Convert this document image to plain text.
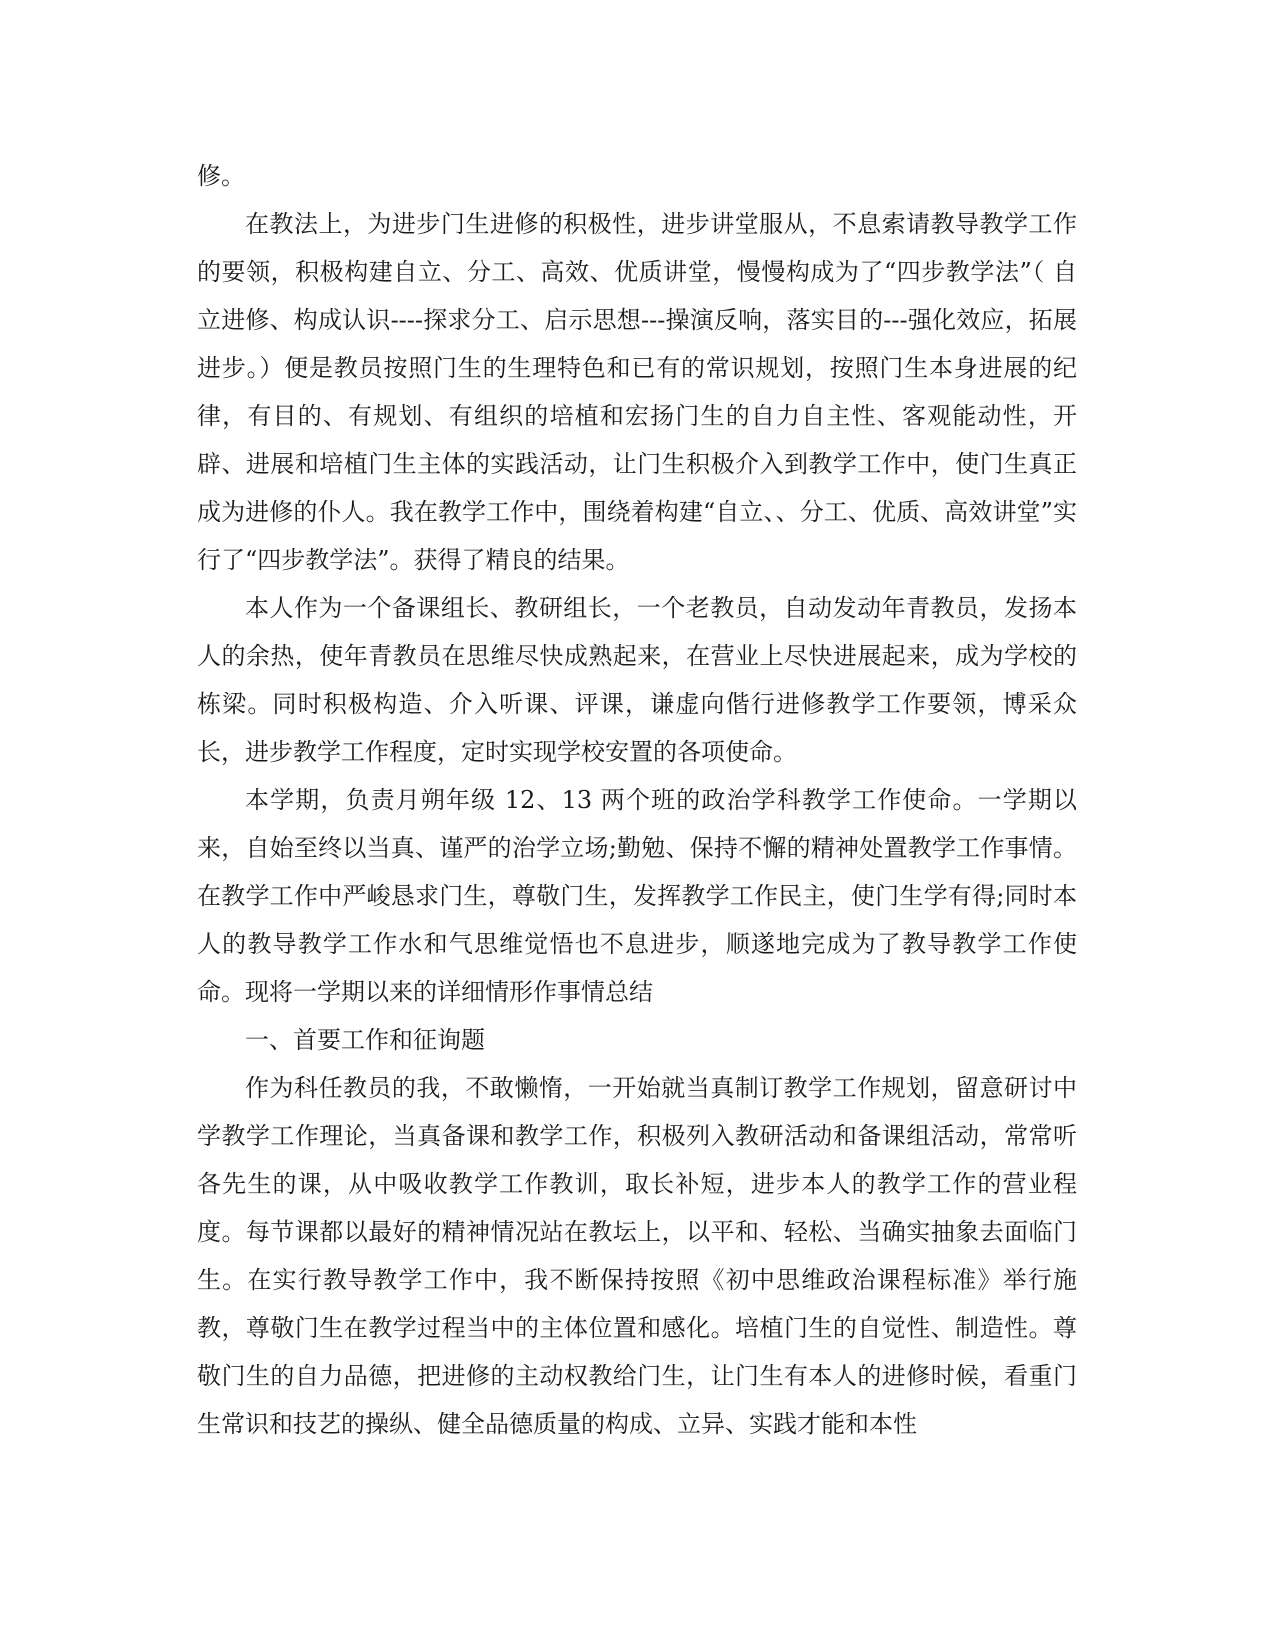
修。

在教法上，为进步门生进修的积极性，进步讲堂服从，不息索请教导教学工作的要领，积极构建自立、分工、高效、优质讲堂，慢慢构成为了“四步教学法”（ 自立进修、构成认识----探求分工、启示思想---操演反响，落实目的---强化效应，拓展进步。）便是教员按照门生的生理特色和已有的常识规划，按照门生本身进展的纪律，有目的、有规划、有组织的培植和宏扬门生的自力自主性、客观能动性，开辟、进展和培植门生主体的实践活动，让门生积极介入到教学工作中，使门生真正成为进修的仆人。我在教学工作中，围绕着构建“自立、、分工、优质、高效讲堂”实行了“四步教学法”。获得了精良的结果。

本人作为一个备课组长、教研组长，一个老教员，自动发动年青教员，发扬本人的余热，使年青教员在思维尽快成熟起来，在营业上尽快进展起来，成为学校的栋梁。同时积极构造、介入听课、评课，谦虚向偕行进修教学工作要领，博采众长，进步教学工作程度，定时实现学校安置的各项使命。

本学期，负责月朔年级 12、13 两个班的政治学科教学工作使命。一学期以来，自始至终以当真、谨严的治学立场;勤勉、保持不懈的精神处置教学工作事情。在教学工作中严峻恳求门生，尊敬门生，发挥教学工作民主，使门生学有得;同时本人的教导教学工作水和气思维觉悟也不息进步，顺遂地完成为了教导教学工作使命。现将一学期以来的详细情形作事情总结

一、首要工作和征询题

作为科任教员的我，不敢懒惰，一开始就当真制订教学工作规划，留意研讨中学教学工作理论，当真备课和教学工作，积极列入教研活动和备课组活动，常常听各先生的课，从中吸收教学工作教训，取长补短，进步本人的教学工作的营业程度。每节课都以最好的精神情况站在教坛上，以平和、轻松、当确实抽象去面临门生。在实行教导教学工作中，我不断保持按照《初中思维政治课程标准》举行施教，尊敬门生在教学过程当中的主体位置和感化。培植门生的自觉性、制造性。尊敬门生的自力品德，把进修的主动权教给门生，让门生有本人的进修时候，看重门生常识和技艺的操纵、健全品德质量的构成、立异、实践才能和本性
